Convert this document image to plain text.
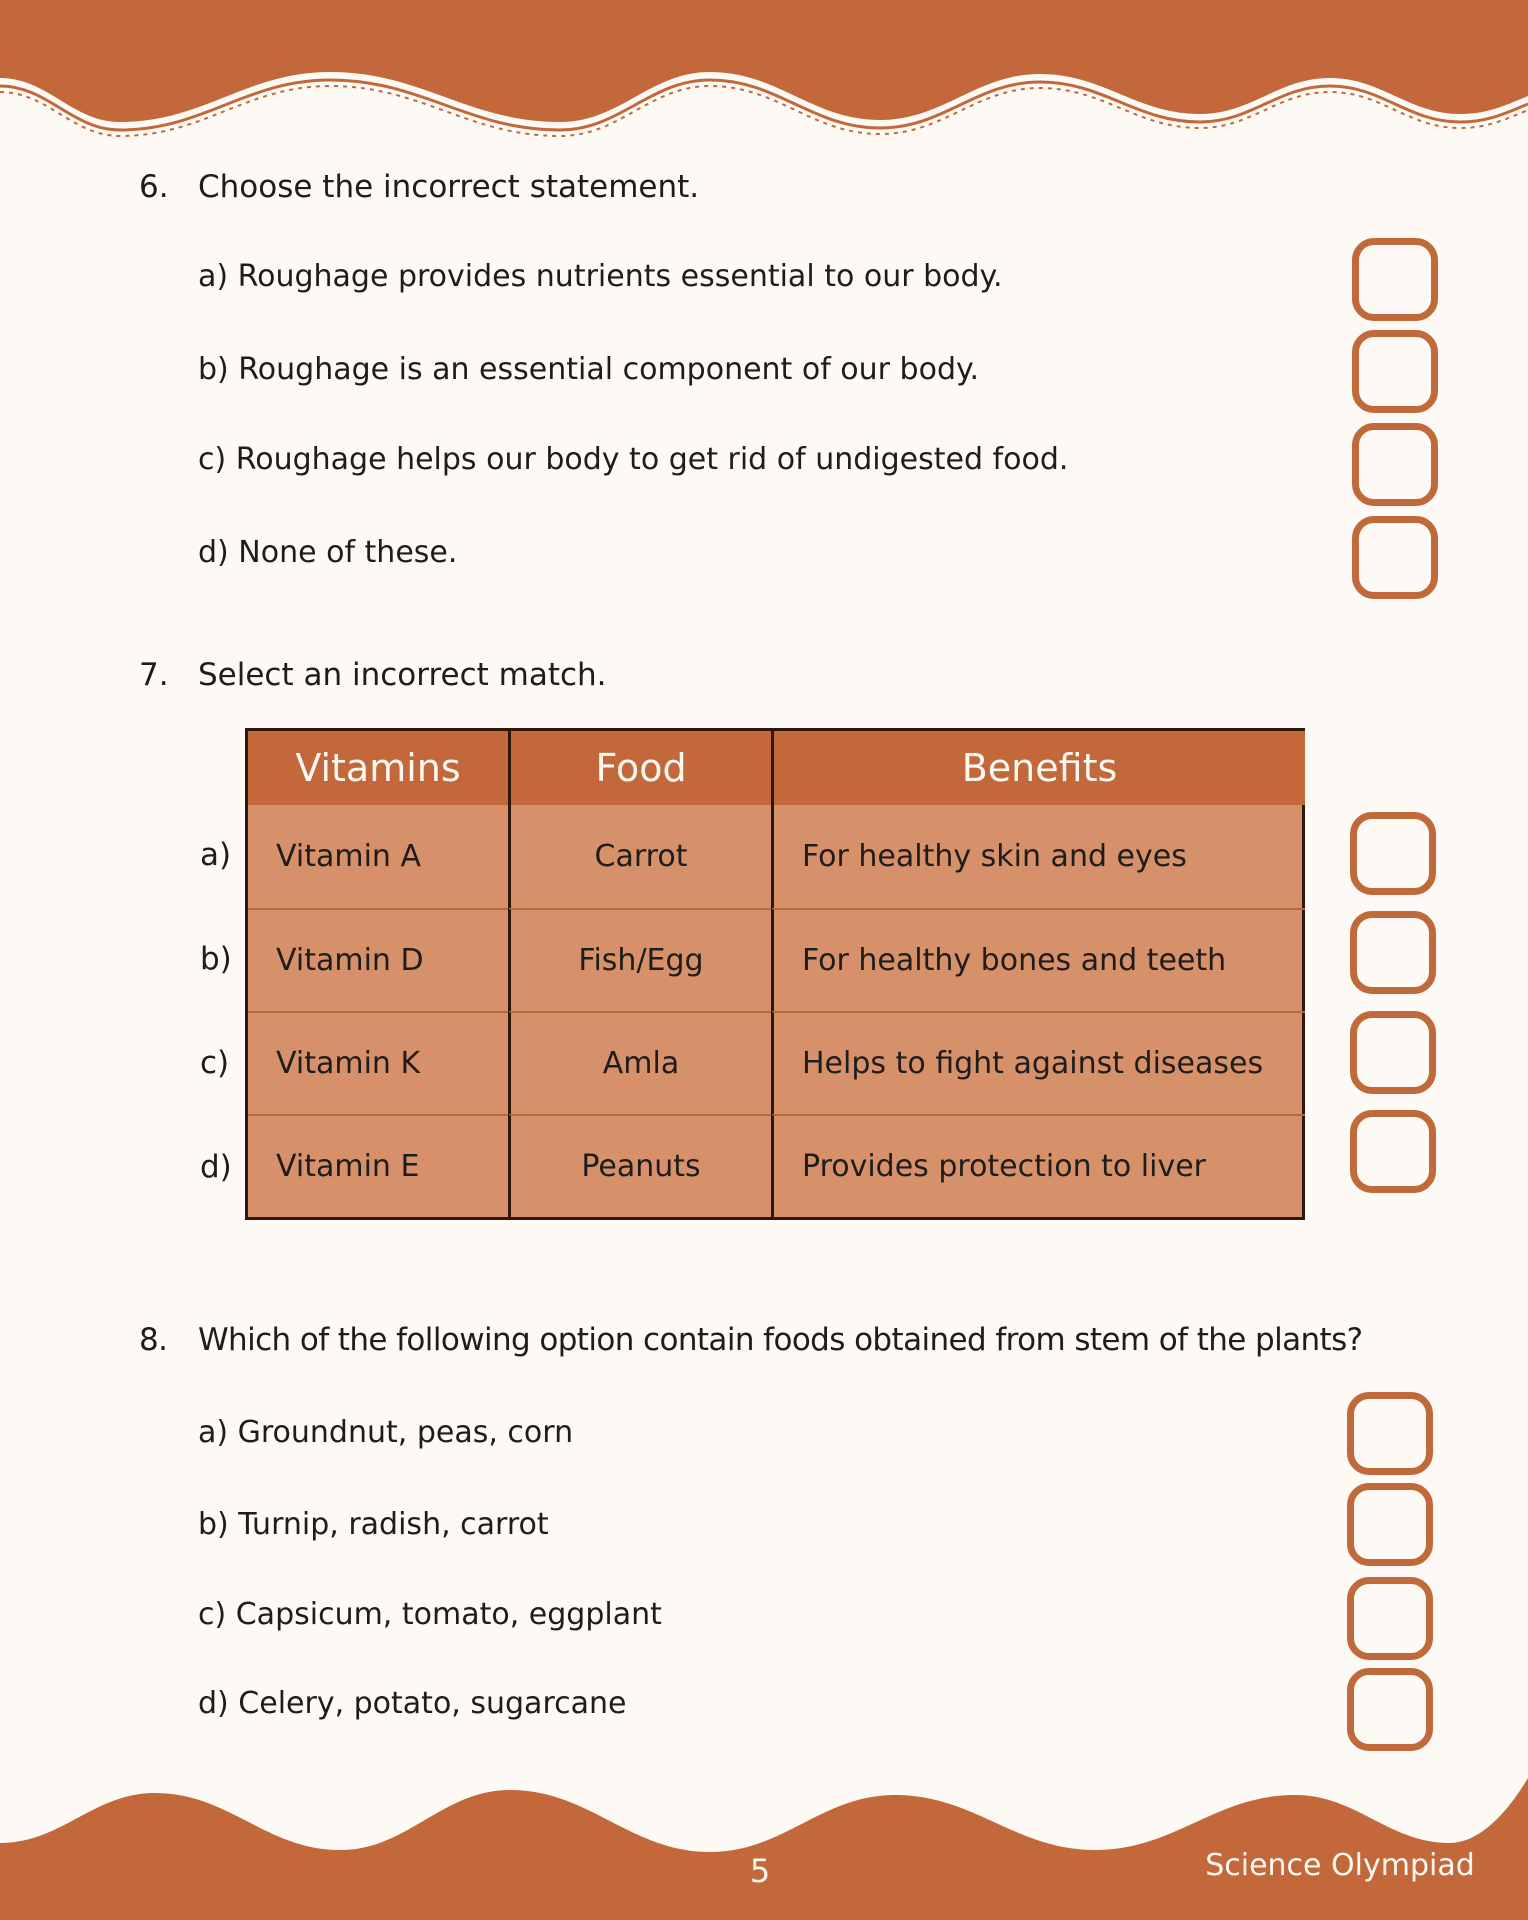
6. Choose the incorrect statement.
a) Roughage provides nutrients essential to our body.
b) Roughage is an essential component of our body.
c) Roughage helps our body to get rid of undigested food.
d) None of these.
7. Select an incorrect match.
a)
b)
c)
d)
Vitamins	Food	Benefits
Vitamin A	Carrot	For healthy skin and eyes
Vitamin D	Fish/Egg	For healthy bones and teeth
Vitamin K	Amla	Helps to fight against diseases
Vitamin E	Peanuts	Provides protection to liver
8. Which of the following option contain foods obtained from stem of the plants?
a) Groundnut, peas, corn
b) Turnip, radish, carrot
c) Capsicum, tomato, eggplant
d) Celery, potato, sugarcane
5	Science Olympiad
